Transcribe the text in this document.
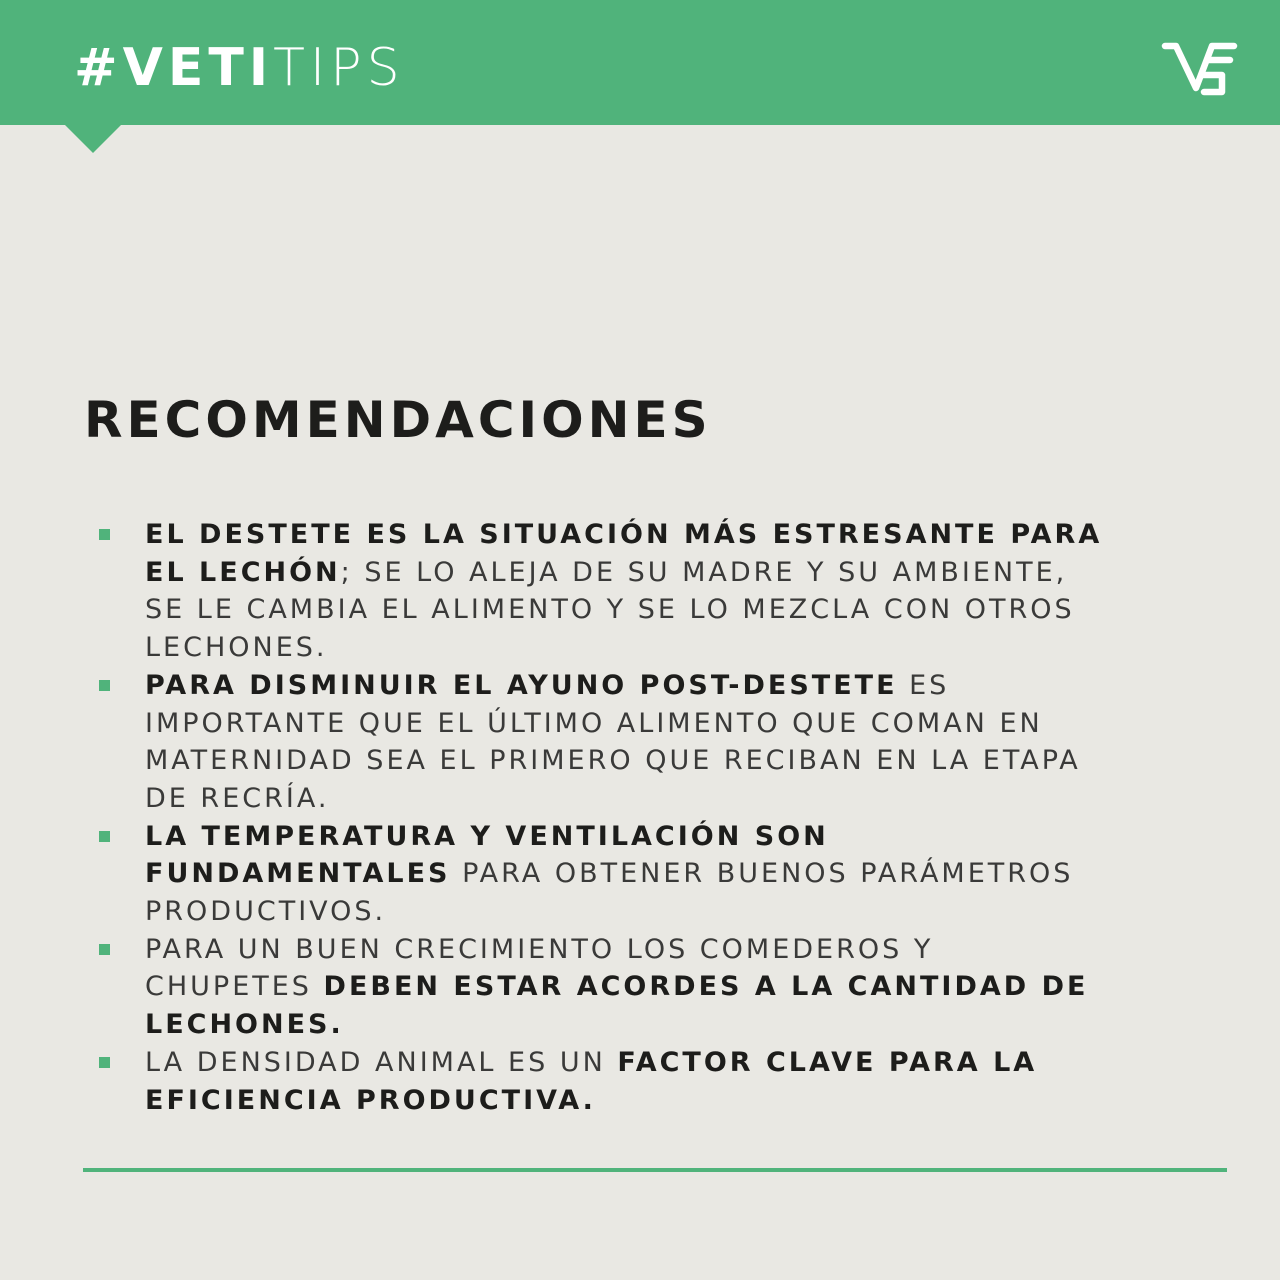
#VETITIPS
RECOMENDACIONES
EL DESTETE ES LA SITUACIÓN MÁS ESTRESANTE PARA EL LECHÓN; SE LO ALEJA DE SU MADRE Y SU AMBIENTE, SE LE CAMBIA EL ALIMENTO Y SE LO MEZCLA CON OTROS LECHONES.
PARA DISMINUIR EL AYUNO POST-DESTETE ES IMPORTANTE QUE EL ÚLTIMO ALIMENTO QUE COMAN EN MATERNIDAD SEA EL PRIMERO QUE RECIBAN EN LA ETAPA DE RECRÍA.
LA TEMPERATURA Y VENTILACIÓN SON FUNDAMENTALES PARA OBTENER BUENOS PARÁMETROS PRODUCTIVOS.
PARA UN BUEN CRECIMIENTO LOS COMEDEROS Y CHUPETES DEBEN ESTAR ACORDES A LA CANTIDAD DE LECHONES.
LA DENSIDAD ANIMAL ES UN FACTOR CLAVE PARA LA EFICIENCIA PRODUCTIVA.
